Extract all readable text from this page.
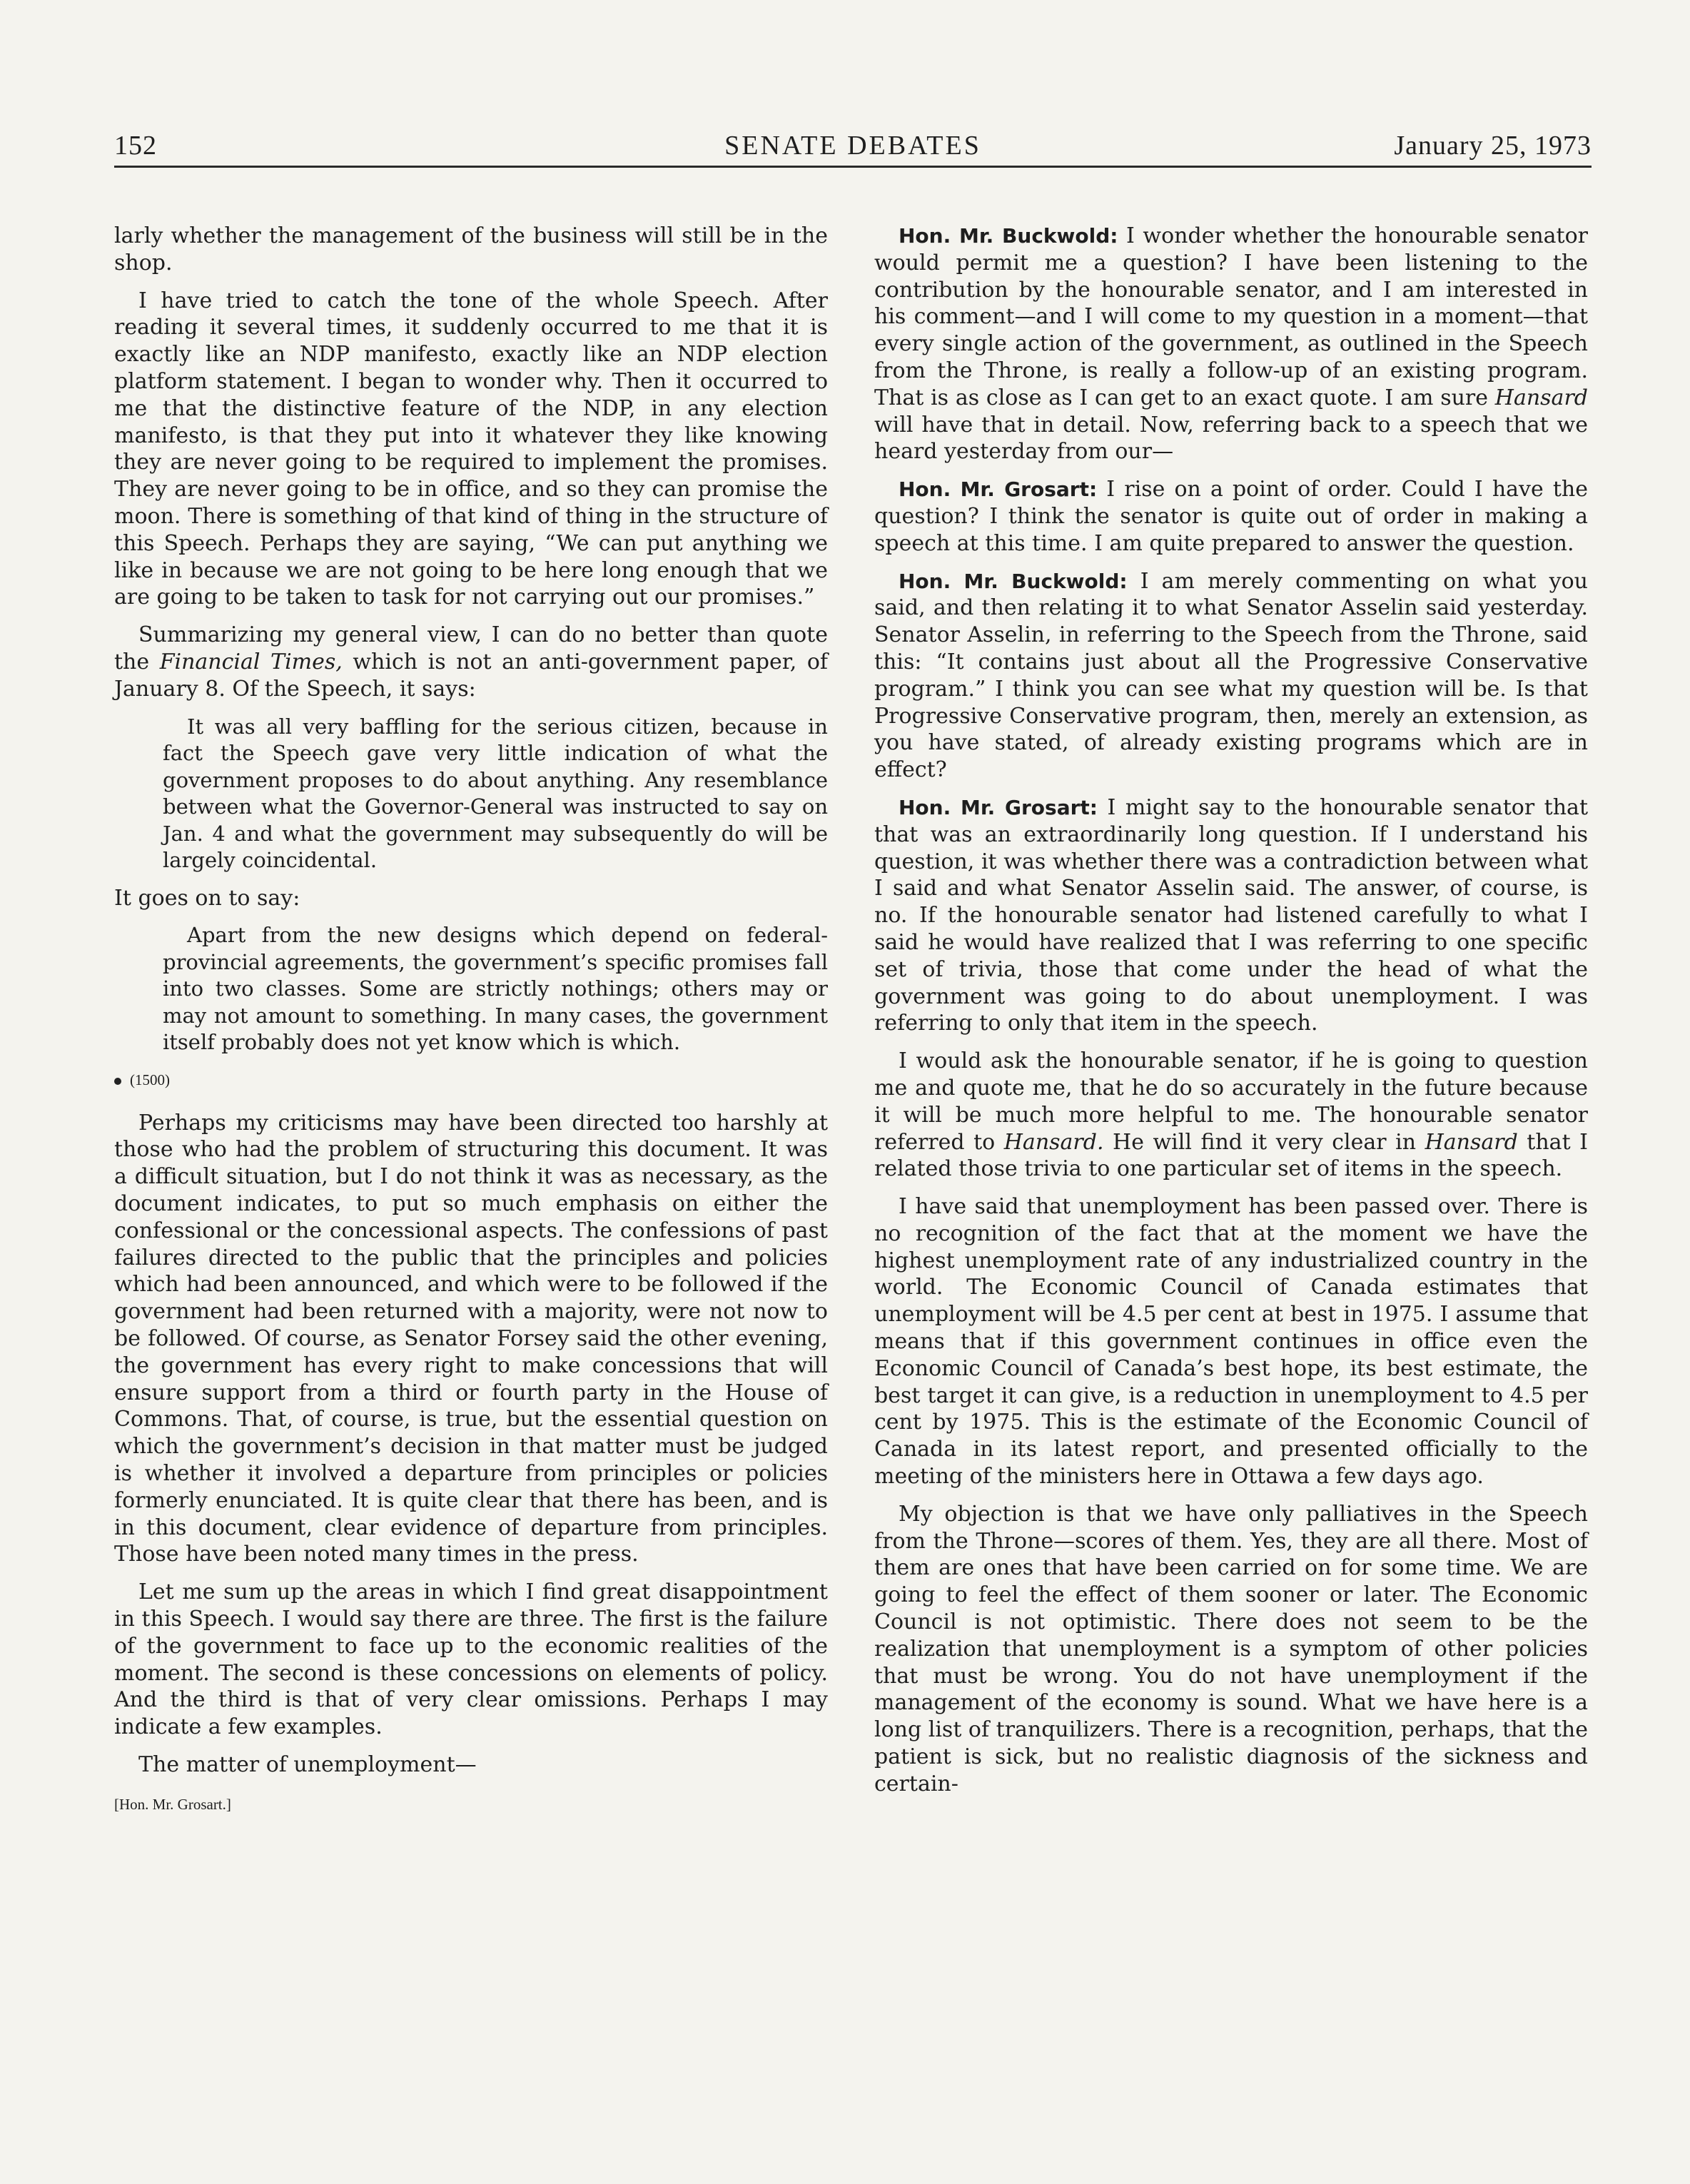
152	SENATE DEBATES	January 25, 1973

larly whether the management of the business will still be in the shop.

I have tried to catch the tone of the whole Speech. After reading it several times, it suddenly occurred to me that it is exactly like an NDP manifesto, exactly like an NDP election platform statement. I began to wonder why. Then it occurred to me that the distinctive feature of the NDP, in any election manifesto, is that they put into it whatever they like knowing they are never going to be required to implement the promises. They are never going to be in office, and so they can promise the moon. There is something of that kind of thing in the structure of this Speech. Perhaps they are saying, “We can put anything we like in because we are not going to be here long enough that we are going to be taken to task for not carrying out our promises.”

Summarizing my general view, I can do no better than quote the Financial Times, which is not an anti-government paper, of January 8. Of the Speech, it says:

It was all very baffling for the serious citizen, because in fact the Speech gave very little indication of what the government proposes to do about anything. Any resemblance between what the Governor-General was instructed to say on Jan. 4 and what the government may subsequently do will be largely coincidental.

It goes on to say:

Apart from the new designs which depend on federal-provincial agreements, the government’s specific promises fall into two classes. Some are strictly nothings; others may or may not amount to something. In many cases, the government itself probably does not yet know which is which.

(1500)

Perhaps my criticisms may have been directed too harshly at those who had the problem of structuring this document. It was a difficult situation, but I do not think it was as necessary, as the document indicates, to put so much emphasis on either the confessional or the concessional aspects. The confessions of past failures directed to the public that the principles and policies which had been announced, and which were to be followed if the government had been returned with a majority, were not now to be followed. Of course, as Senator Forsey said the other evening, the government has every right to make concessions that will ensure support from a third or fourth party in the House of Commons. That, of course, is true, but the essential question on which the government’s decision in that matter must be judged is whether it involved a departure from principles or policies formerly enunciated. It is quite clear that there has been, and is in this document, clear evidence of departure from principles. Those have been noted many times in the press.

Let me sum up the areas in which I find great disappointment in this Speech. I would say there are three. The first is the failure of the government to face up to the economic realities of the moment. The second is these concessions on elements of policy. And the third is that of very clear omissions. Perhaps I may indicate a few examples.

The matter of unemployment—

[Hon. Mr. Grosart.]

Hon. Mr. Buckwold: I wonder whether the honourable senator would permit me a question? I have been listening to the contribution by the honourable senator, and I am interested in his comment—and I will come to my question in a moment—that every single action of the government, as outlined in the Speech from the Throne, is really a follow-up of an existing program. That is as close as I can get to an exact quote. I am sure Hansard will have that in detail. Now, referring back to a speech that we heard yesterday from our—

Hon. Mr. Grosart: I rise on a point of order. Could I have the question? I think the senator is quite out of order in making a speech at this time. I am quite prepared to answer the question.

Hon. Mr. Buckwold: I am merely commenting on what you said, and then relating it to what Senator Asselin said yesterday. Senator Asselin, in referring to the Speech from the Throne, said this: “It contains just about all the Progressive Conservative program.” I think you can see what my question will be. Is that Progressive Conservative program, then, merely an extension, as you have stated, of already existing programs which are in effect?

Hon. Mr. Grosart: I might say to the honourable senator that that was an extraordinarily long question. If I understand his question, it was whether there was a contradiction between what I said and what Senator Asselin said. The answer, of course, is no. If the honourable senator had listened carefully to what I said he would have realized that I was referring to one specific set of trivia, those that come under the head of what the government was going to do about unemployment. I was referring to only that item in the speech.

I would ask the honourable senator, if he is going to question me and quote me, that he do so accurately in the future because it will be much more helpful to me. The honourable senator referred to Hansard. He will find it very clear in Hansard that I related those trivia to one particular set of items in the speech.

I have said that unemployment has been passed over. There is no recognition of the fact that at the moment we have the highest unemployment rate of any industrialized country in the world. The Economic Council of Canada estimates that unemployment will be 4.5 per cent at best in 1975. I assume that means that if this government continues in office even the Economic Council of Canada’s best hope, its best estimate, the best target it can give, is a reduction in unemployment to 4.5 per cent by 1975. This is the estimate of the Economic Council of Canada in its latest report, and presented officially to the meeting of the ministers here in Ottawa a few days ago.

My objection is that we have only palliatives in the Speech from the Throne—scores of them. Yes, they are all there. Most of them are ones that have been carried on for some time. We are going to feel the effect of them sooner or later. The Economic Council is not optimistic. There does not seem to be the realization that unemployment is a symptom of other policies that must be wrong. You do not have unemployment if the management of the economy is sound. What we have here is a long list of tranquilizers. There is a recognition, perhaps, that the patient is sick, but no realistic diagnosis of the sickness and certain-
